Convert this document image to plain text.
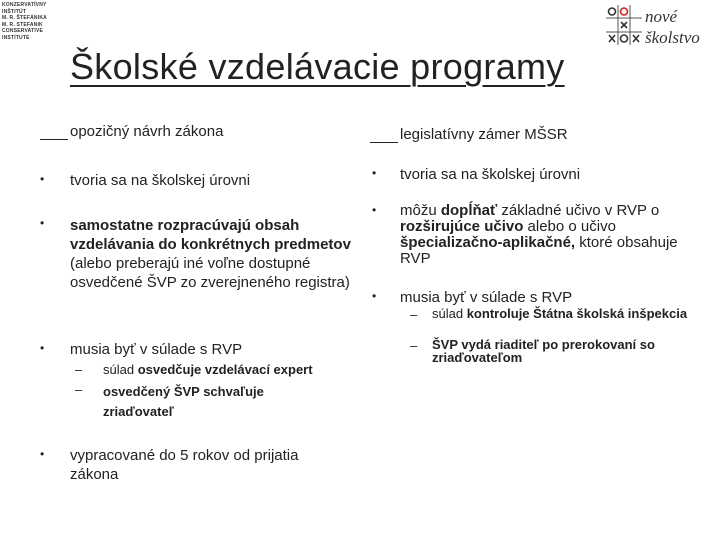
KONZERVATÍVNY
INŠTITÚT
M. R. ŠTEFÁNIKA
M. R. STEFANIK
CONSERVATIVE
INSTITUTE
nové
školstvo
Školské vzdelávacie programy
opozičný návrh zákona
• tvoria sa na školskej úrovni
• samostatne rozpracúvajú obsah vzdelávania do konkrétnych predmetov (alebo preberajú iné voľne dostupné osvedčené ŠVP zo zverejneného registra)
• musia byť v súlade s RVP
– súlad osvedčuje vzdelávací expert
– osvedčený ŠVP schvaľuje zriaďovateľ
• vypracované do 5 rokov od prijatia zákona
legislatívny zámer MŠSR
• tvoria sa na školskej úrovni
• môžu dopĺňať základné učivo v RVP o rozširujúce učivo alebo o učivo špecializačno-aplikačné, ktoré obsahuje RVP
• musia byť v súlade s RVP
– súlad kontroluje Štátna školská inšpekcia
– ŠVP vydá riaditeľ po prerokovaní so zriaďovateľom
